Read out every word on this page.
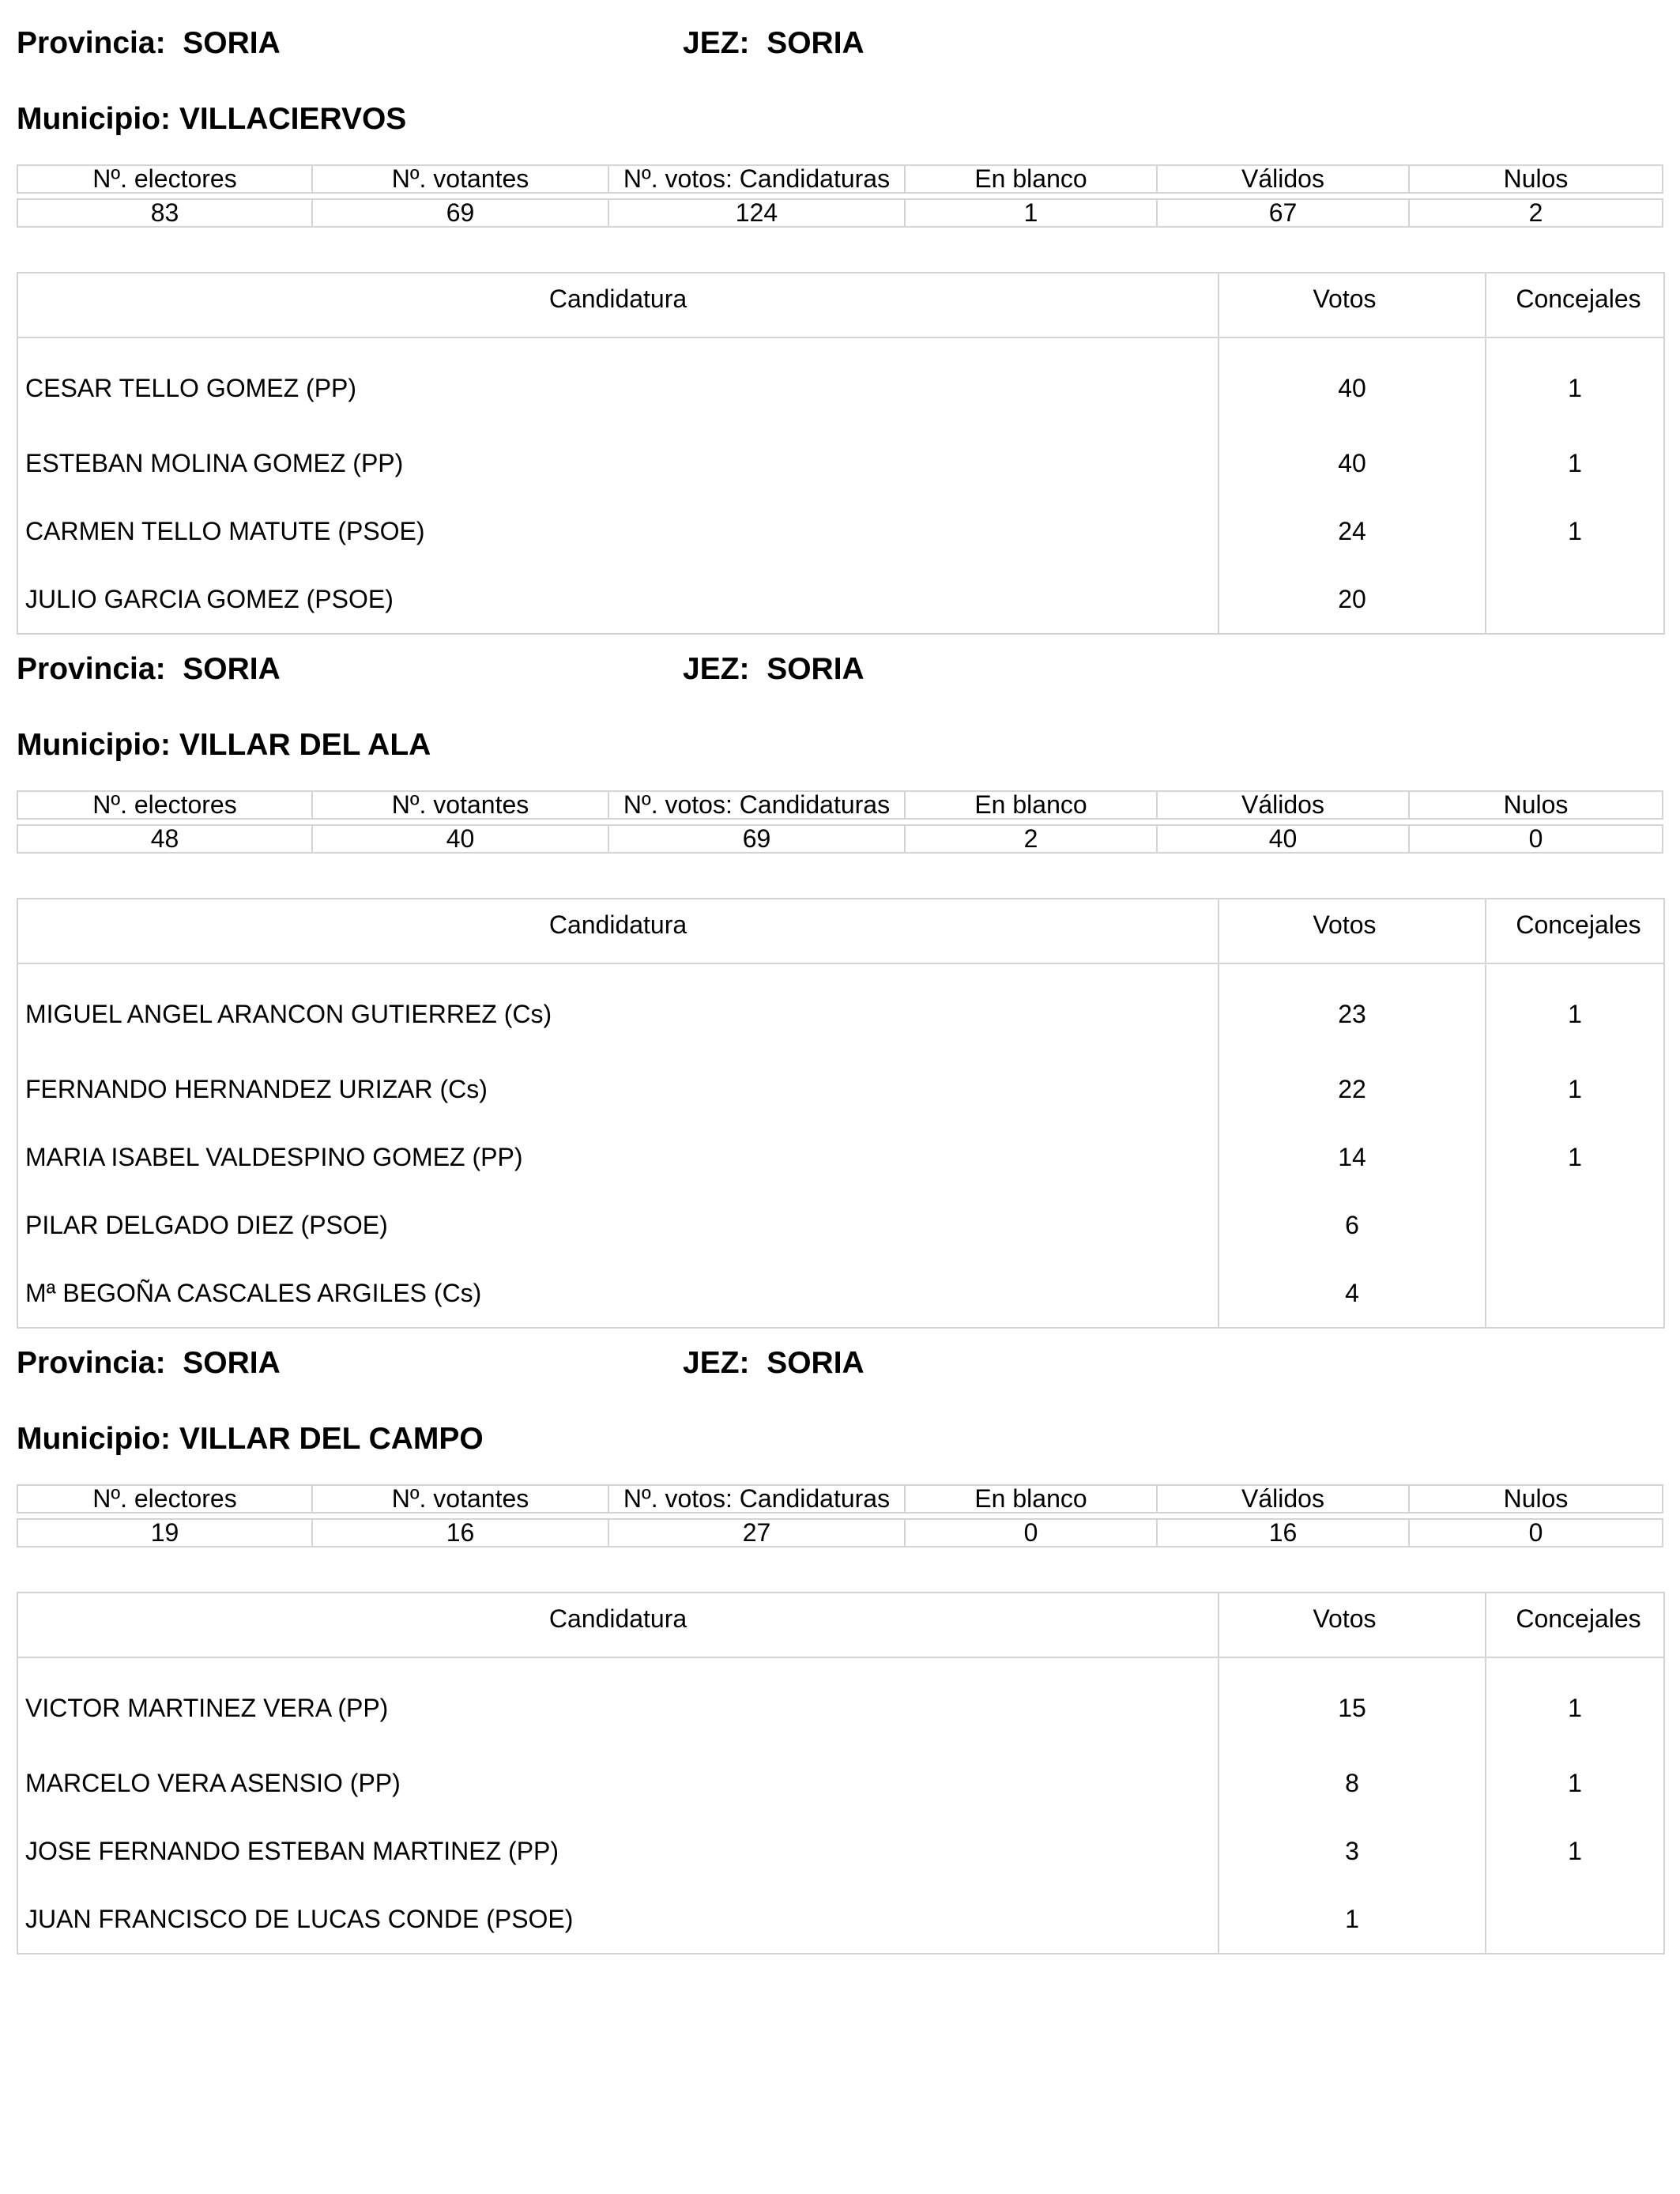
Provincia: SORIA	JEZ: SORIA
Municipio: VILLACIERVOS
Nº. electores	Nº. votantes	Nº. votos: Candidaturas	En blanco	Válidos	Nulos
83	69	124	1	67	2
Candidatura	Votos	Concejales
CESAR TELLO GOMEZ (PP)	40	1
ESTEBAN MOLINA GOMEZ (PP)	40	1
CARMEN TELLO MATUTE (PSOE)	24	1
JULIO GARCIA GOMEZ (PSOE)	20	
Provincia: SORIA	JEZ: SORIA
Municipio: VILLAR DEL ALA
Nº. electores	Nº. votantes	Nº. votos: Candidaturas	En blanco	Válidos	Nulos
48	40	69	2	40	0
Candidatura	Votos	Concejales
MIGUEL ANGEL ARANCON GUTIERREZ (Cs)	23	1
FERNANDO HERNANDEZ URIZAR (Cs)	22	1
MARIA ISABEL VALDESPINO GOMEZ (PP)	14	1
PILAR DELGADO DIEZ (PSOE)	6	
Mª BEGOÑA CASCALES ARGILES (Cs)	4	
Provincia: SORIA	JEZ: SORIA
Municipio: VILLAR DEL CAMPO
Nº. electores	Nº. votantes	Nº. votos: Candidaturas	En blanco	Válidos	Nulos
19	16	27	0	16	0
Candidatura	Votos	Concejales
VICTOR MARTINEZ VERA (PP)	15	1
MARCELO VERA ASENSIO (PP)	8	1
JOSE FERNANDO ESTEBAN MARTINEZ (PP)	3	1
JUAN FRANCISCO DE LUCAS CONDE (PSOE)	1	
